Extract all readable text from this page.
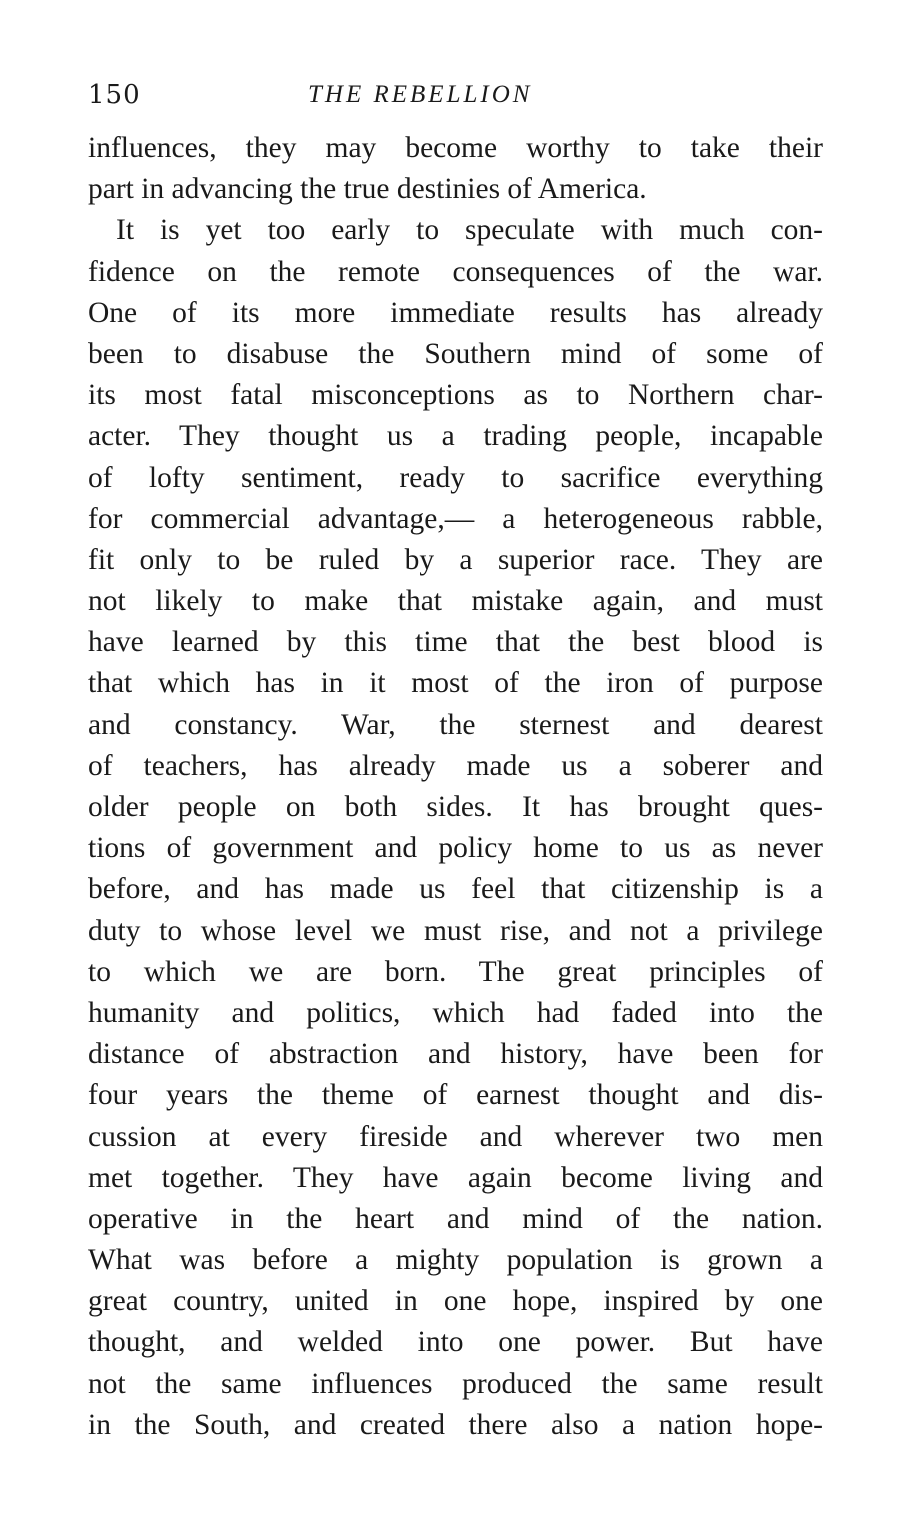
150	THE REBELLION
influences, they may become worthy to take their
part in advancing the true destinies of America.
It is yet too early to speculate with much con-
fidence on the remote consequences of the war.
One of its more immediate results has already
been to disabuse the Southern mind of some of
its most fatal misconceptions as to Northern char-
acter. They thought us a trading people, incapable
of lofty sentiment, ready to sacrifice everything
for commercial advantage,— a heterogeneous rabble,
fit only to be ruled by a superior race. They are
not likely to make that mistake again, and must
have learned by this time that the best blood is
that which has in it most of the iron of purpose
and constancy. War, the sternest and dearest
of teachers, has already made us a soberer and
older people on both sides. It has brought ques-
tions of government and policy home to us as never
before, and has made us feel that citizenship is a
duty to whose level we must rise, and not a privilege
to which we are born. The great principles of
humanity and politics, which had faded into the
distance of abstraction and history, have been for
four years the theme of earnest thought and dis-
cussion at every fireside and wherever two men
met together. They have again become living and
operative in the heart and mind of the nation.
What was before a mighty population is grown a
great country, united in one hope, inspired by one
thought, and welded into one power. But have
not the same influences produced the same result
in the South, and created there also a nation hope-
